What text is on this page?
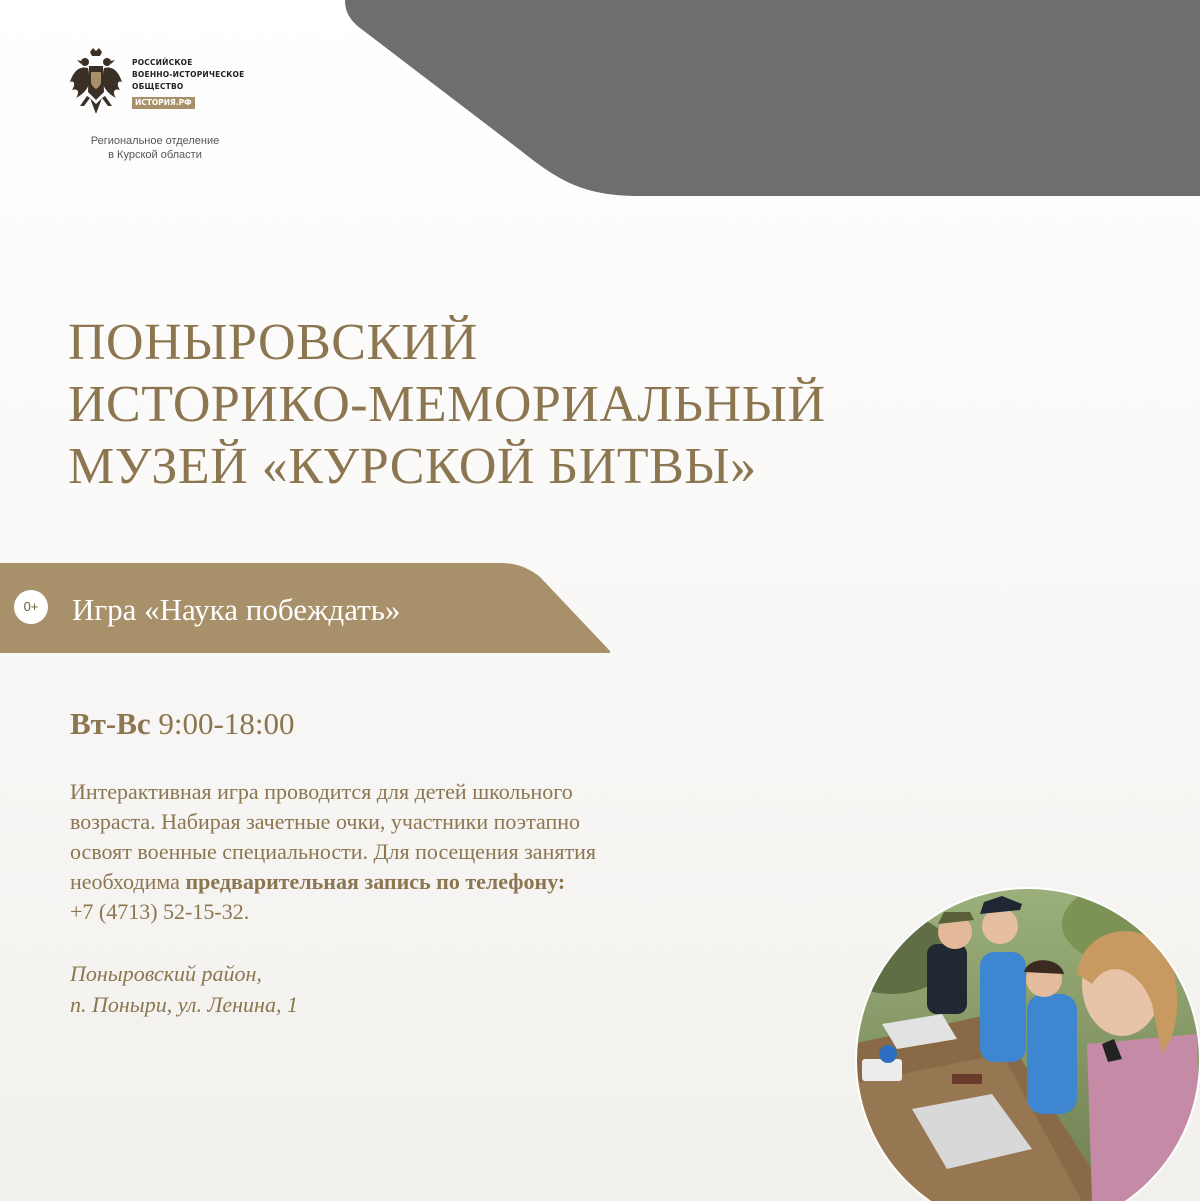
РОССИЙСКОЕ
ВОЕННО-ИСТОРИЧЕСКОЕ
ОБЩЕСТВО
ИСТОРИЯ.РФ
Региональное отделение
в Курской области
ПОНЫРОВСКИЙ
ИСТОРИКО-МЕМОРИАЛЬНЫЙ
МУЗЕЙ «КУРСКОЙ БИТВЫ»
0+	Игра «Наука побеждать»
Вт-Вс 9:00-18:00
Интерактивная игра проводится для детей школьного
возраста. Набирая зачетные очки, участники поэтапно
освоят военные специальности. Для посещения занятия
необходима предварительная запись по телефону:
+7 (4713) 52-15-32.
Поныровский район,
п. Поныри, ул. Ленина, 1
